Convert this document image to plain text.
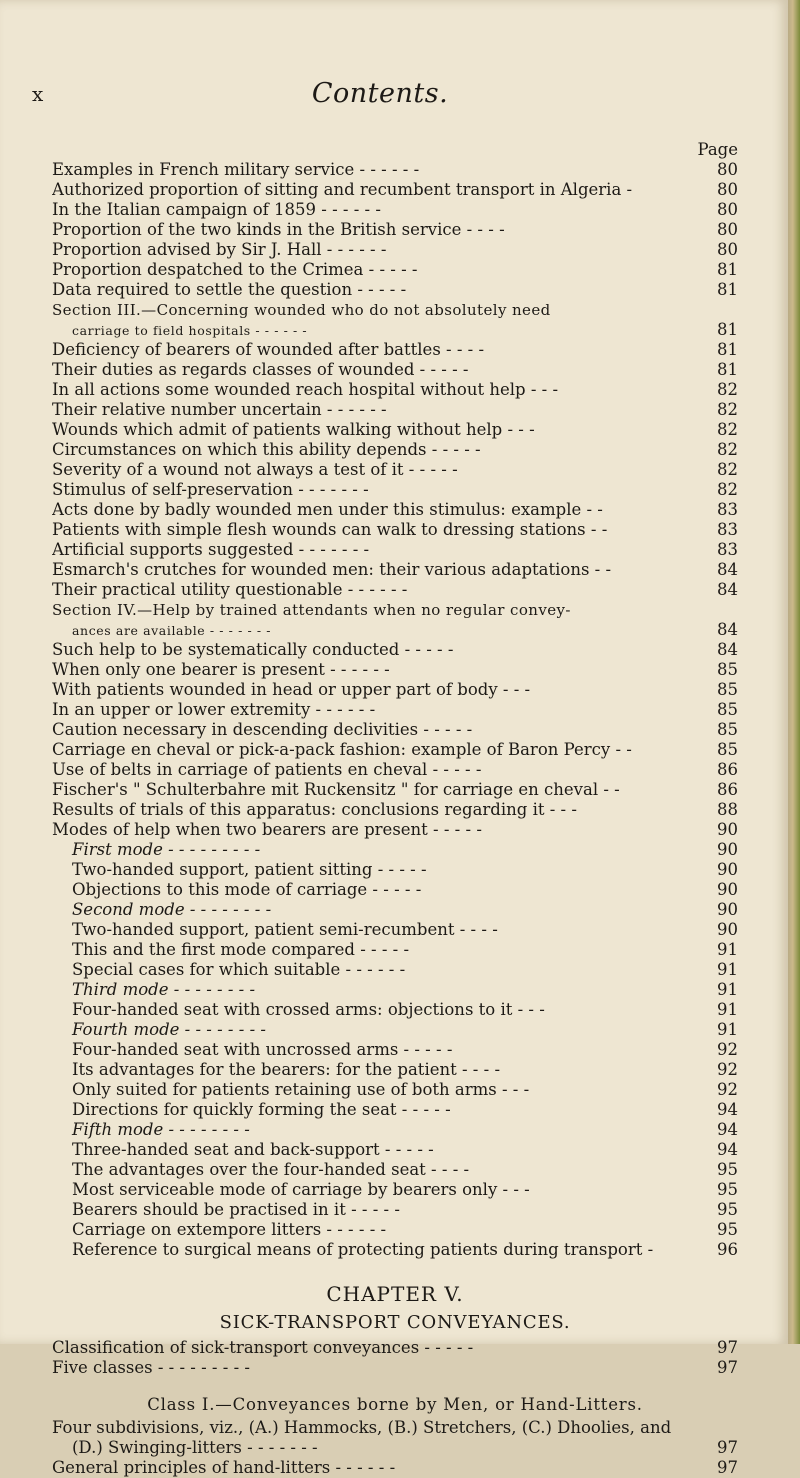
x	Contents.
Page
Examples in French military service - - - - - -	80
Authorized proportion of sitting and recumbent transport in Algeria -	80
In the Italian campaign of 1859 - - - - - -	80
Proportion of the two kinds in the British service - - - -	80
Proportion advised by Sir J. Hall - - - - - -	80
Proportion despatched to the Crimea - - - - -	81
Data required to settle the question - - - - -	81
Section III.—Concerning wounded who do not absolutely need
carriage to field hospitals - - - - - -	81
Deficiency of bearers of wounded after battles - - - -	81
Their duties as regards classes of wounded - - - - -	81
In all actions some wounded reach hospital without help - - -	82
Their relative number uncertain - - - - - -	82
Wounds which admit of patients walking without help - - -	82
Circumstances on which this ability depends - - - - -	82
Severity of a wound not always a test of it - - - - -	82
Stimulus of self-preservation - - - - - - -	82
Acts done by badly wounded men under this stimulus: example - -	83
Patients with simple flesh wounds can walk to dressing stations - -	83
Artificial supports suggested - - - - - - -	83
Esmarch's crutches for wounded men: their various adaptations - -	84
Their practical utility questionable - - - - - -	84
Section IV.—Help by trained attendants when no regular convey-
ances are available - - - - - - -	84
Such help to be systematically conducted - - - - -	84
When only one bearer is present - - - - - -	85
With patients wounded in head or upper part of body - - -	85
In an upper or lower extremity - - - - - -	85
Caution necessary in descending declivities - - - - -	85
Carriage en cheval or pick-a-pack fashion: example of Baron Percy - -	85
Use of belts in carriage of patients en cheval - - - - -	86
Fischer's " Schulterbahre mit Ruckensitz " for carriage en cheval - -	86
Results of trials of this apparatus: conclusions regarding it - - -	88
Modes of help when two bearers are present - - - - -	90
First mode - - - - - - - - -	90
Two-handed support, patient sitting - - - - -	90
Objections to this mode of carriage - - - - -	90
Second mode - - - - - - - -	90
Two-handed support, patient semi-recumbent - - - -	90
This and the first mode compared - - - - -	91
Special cases for which suitable - - - - - -	91
Third mode - - - - - - - -	91
Four-handed seat with crossed arms: objections to it - - -	91
Fourth mode - - - - - - - -	91
Four-handed seat with uncrossed arms - - - - -	92
Its advantages for the bearers: for the patient - - - -	92
Only suited for patients retaining use of both arms - - -	92
Directions for quickly forming the seat - - - - -	94
Fifth mode - - - - - - - -	94
Three-handed seat and back-support - - - - -	94
The advantages over the four-handed seat - - - -	95
Most serviceable mode of carriage by bearers only - - -	95
Bearers should be practised in it - - - - -	95
Carriage on extempore litters - - - - - -	95
Reference to surgical means of protecting patients during transport -	96
CHAPTER V.
SICK-TRANSPORT CONVEYANCES.
Classification of sick-transport conveyances - - - - -	97
Five classes - - - - - - - - -	97
Class I.—Conveyances borne by Men, or Hand-Litters.
Four subdivisions, viz., (A.) Hammocks, (B.) Stretchers, (C.) Dhoolies, and
(D.) Swinging-litters - - - - - - -	97
General principles of hand-litters - - - - - -	97
